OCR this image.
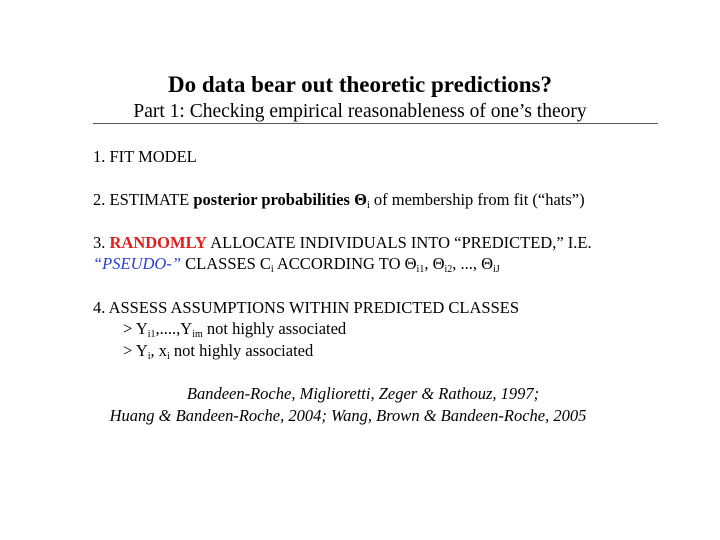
Do data bear out theoretic predictions?
Part 1: Checking empirical reasonableness of one’s theory
1. FIT MODEL
2. ESTIMATE posterior probabilities $\Theta_i$ of membership from fit (“hats”)
3. RANDOMLY ALLOCATE INDIVIDUALS INTO “PREDICTED,” I.E.
“PSEUDO-” CLASSES $C_i$ ACCORDING TO $\Theta_{i1}$, $\Theta_{i2}$, ..., $\Theta_{iJ}$
4. ASSESS ASSUMPTIONS WITHIN PREDICTED CLASSES
> $Y_{i1},....,Y_{im}$ not highly associated
> $Y_i$, $x_i$ not highly associated
Bandeen-Roche, Miglioretti, Zeger & Rathouz, 1997;
Huang & Bandeen-Roche, 2004; Wang, Brown & Bandeen-Roche, 2005
